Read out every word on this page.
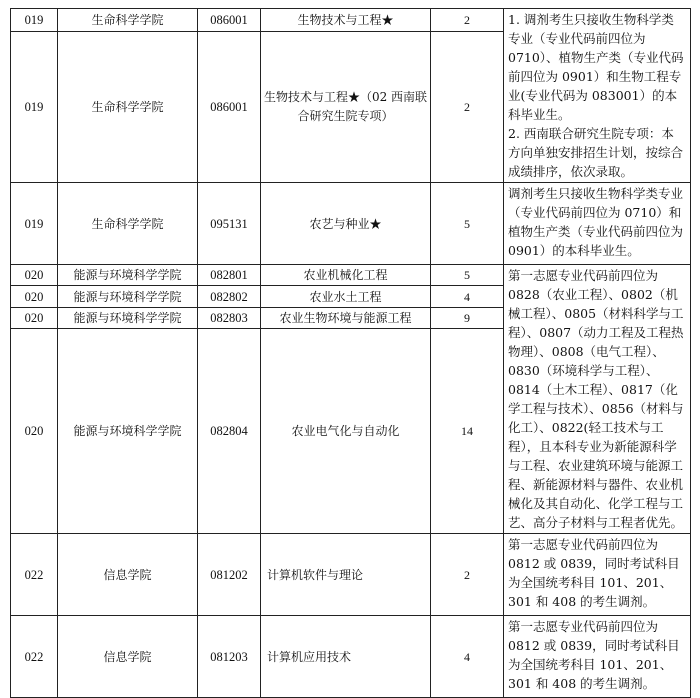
019	生命科学学院	086001	生物技术与工程★	2	1. 调剂考生只接收生物科学类专业（专业代码前四位为 0710）、植物生产类（专业代码前四位为 0901）和生物工程专业(专业代码为 083001）的本科毕业生。
2. 西南联合研究生院专项：本方向单独安排招生计划，按综合成绩排序，依次录取。

019	生命科学学院	086001	生物技术与工程★（02 西南联合研究生院专项）	2	
019	生命科学学院	095131	农艺与种业★	5	调剂考生只接收生物科学类专业（专业代码前四位为 0710）和植物生产类（专业代码前四位为 0901）的本科毕业生。

020	能源与环境科学学院	082801	农业机械化工程	5	第一志愿专业代码前四位为 0828（农业工程）、0802（机械工程）、0805（材料科学与工程）、0807（动力工程及工程热物理）、0808（电气工程）、0830（环境科学与工程）、0814（土木工程）、0817（化学工程与技术）、0856（材料与化工）、0822(轻工技术与工程），且本科专业为新能源科学与工程、农业建筑环境与能源工程、新能源材料与器件、农业机械化及其自动化、化学工程与工艺、高分子材料与工程者优先。

020	能源与环境科学学院	082802	农业水土工程	4	
020	能源与环境科学学院	082803	农业生物环境与能源工程	9	
020	能源与环境科学学院	082804	农业电气化与自动化	14	
022	信息学院	081202	计算机软件与理论	2	第一志愿专业代码前四位为 0812 或 0839，同时考试科目为全国统考科目 101、201、301 和 408 的考生调剂。

022	信息学院	081203	计算机应用技术	4	第一志愿专业代码前四位为 0812 或 0839，同时考试科目为全国统考科目 101、201、301 和 408 的考生调剂。
